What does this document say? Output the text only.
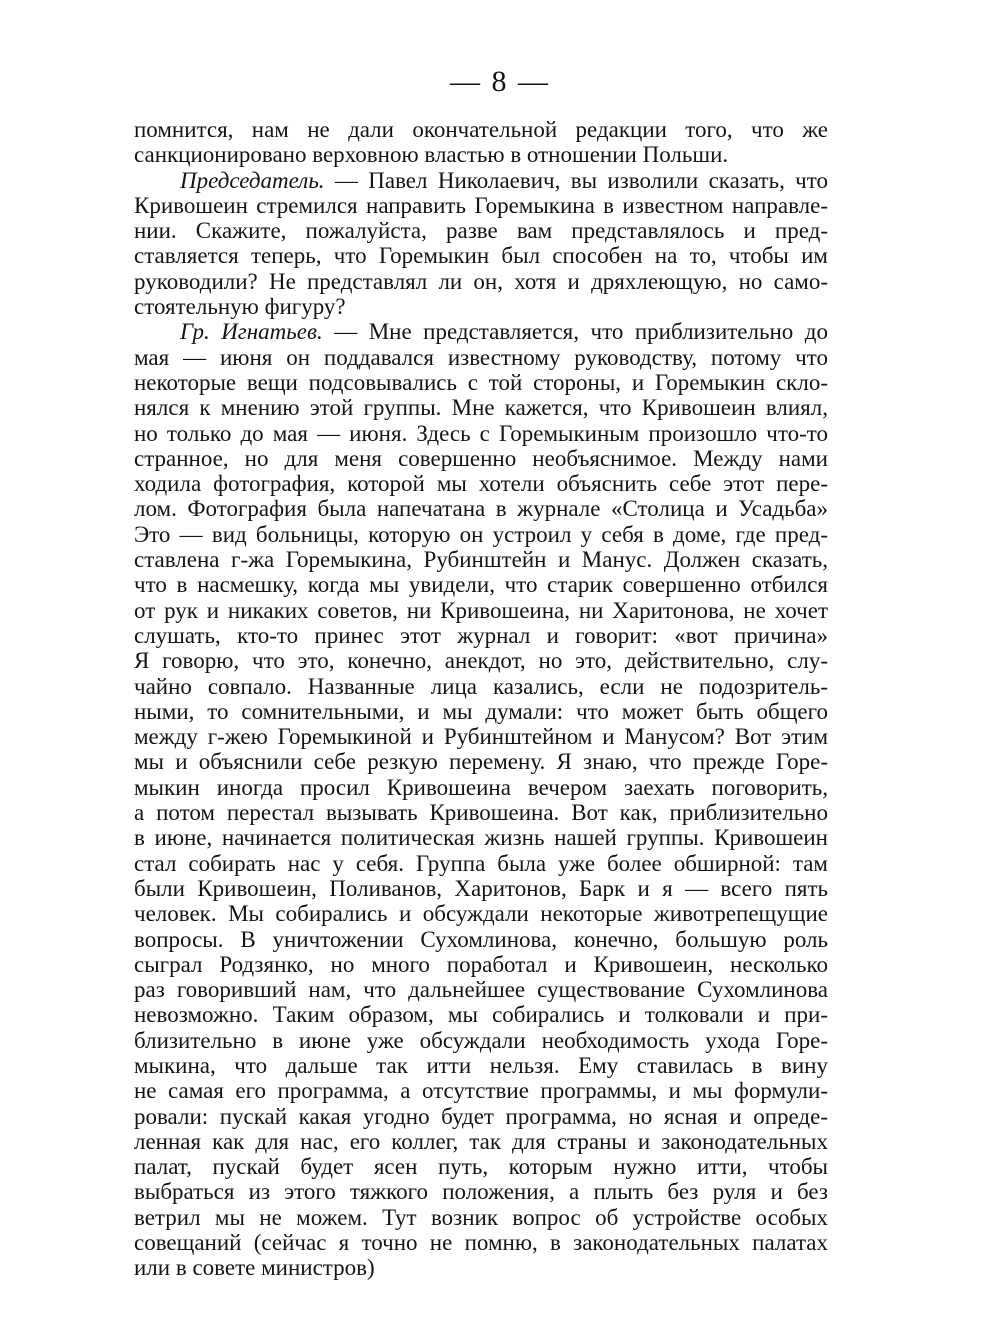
— 8 —
помнится, нам не дали окончательной редакции того, что же
санкционировано верховною властью в отношении Польши.
Председатель. — Павел Николаевич, вы изволили сказать, что
Кривошеин стремился направить Горемыкина в известном направле-
нии. Скажите, пожалуйста, разве вам представлялось и пред-
ставляется теперь, что Горемыкин был способен на то, чтобы им
руководили? Не представлял ли он, хотя и дряхлеющую, но само-
стоятельную фигуру?
Гр. Игнатьев. — Мне представляется, что приблизительно до
мая — июня он поддавался известному руководству, потому что
некоторые вещи подсовывались с той стороны, и Горемыкин скло-
нялся к мнению этой группы. Мне кажется, что Кривошеин влиял,
но только до мая — июня. Здесь с Горемыкиным произошло что-то
странное, но для меня совершенно необъяснимое. Между нами
ходила фотография, которой мы хотели объяснить себе этот пере-
лом. Фотография была напечатана в журнале «Столица и Усадьба»
Это — вид больницы, которую он устроил у себя в доме, где пред-
ставлена г-жа Горемыкина, Рубинштейн и Манус. Должен сказать,
что в насмешку, когда мы увидели, что старик совершенно отбился
от рук и никаких советов, ни Кривошеина, ни Харитонова, не хочет
слушать, кто-то принес этот журнал и говорит: «вот причина»
Я говорю, что это, конечно, анекдот, но это, действительно, слу-
чайно совпало. Названные лица казались, если не подозритель-
ными, то сомнительными, и мы думали: что может быть общего
между г-жею Горемыкиной и Рубинштейном и Манусом? Вот этим
мы и объяснили себе резкую перемену. Я знаю, что прежде Горе-
мыкин иногда просил Кривошеина вечером заехать поговорить,
а потом перестал вызывать Кривошеина. Вот как, приблизительно
в июне, начинается политическая жизнь нашей группы. Кривошеин
стал собирать нас у себя. Группа была уже более обширной: там
были Кривошеин, Поливанов, Харитонов, Барк и я — всего пять
человек. Мы собирались и обсуждали некоторые животрепещущие
вопросы. В уничтожении Сухомлинова, конечно, большую роль
сыграл Родзянко, но много поработал и Кривошеин, несколько
раз говоривший нам, что дальнейшее существование Сухомлинова
невозможно. Таким образом, мы собирались и толковали и при-
близительно в июне уже обсуждали необходимость ухода Горе-
мыкина, что дальше так итти нельзя. Ему ставилась в вину
не самая его программа, а отсутствие программы, и мы формули-
ровали: пускай какая угодно будет программа, но ясная и опреде-
ленная как для нас, его коллег, так для страны и законодательных
палат, пускай будет ясен путь, которым нужно итти, чтобы
выбраться из этого тяжкого положения, а плыть без руля и без
ветрил мы не можем. Тут возник вопрос об устройстве особых
совещаний (сейчас я точно не помню, в законодательных палатах
или в совете министров)
